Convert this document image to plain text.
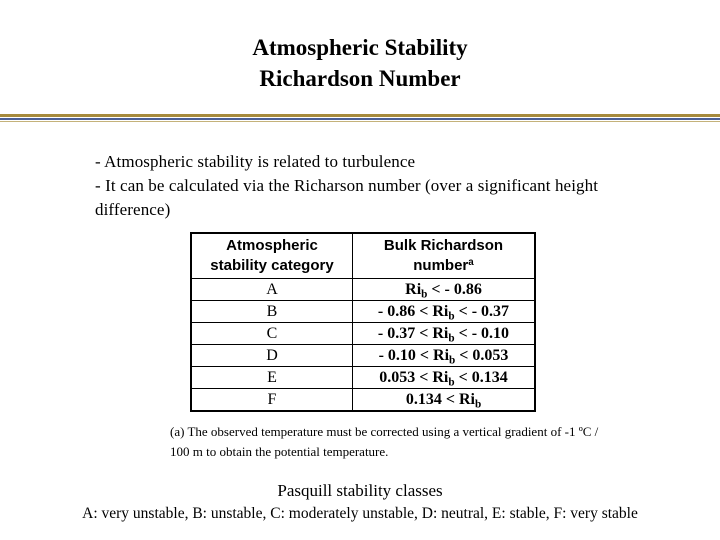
Atmospheric Stability
Richardson Number
- Atmospheric stability is related to turbulence
- It can be calculated via the Richarson number (over a significant height difference)
Atmospheric stability category	Bulk Richardson number$^a$
A	$Ri_b$ < - 0.86
B	- $0.86 < Ri_b$ < - 0.37
C	- $0.37 < Ri_b$ < - 0.10
D	- $0.10 < Ri_b < 0.053$
E	$0.053 < Ri_b < 0.134$
F	$0.134 < Ri_b$
(a) The observed temperature must be corrected using a vertical gradient of -1 ºC / 100 m to obtain the potential temperature.
Pasquill stability classes
A: very unstable, B: unstable, C: moderately unstable, D: neutral, E: stable, F: very stable
